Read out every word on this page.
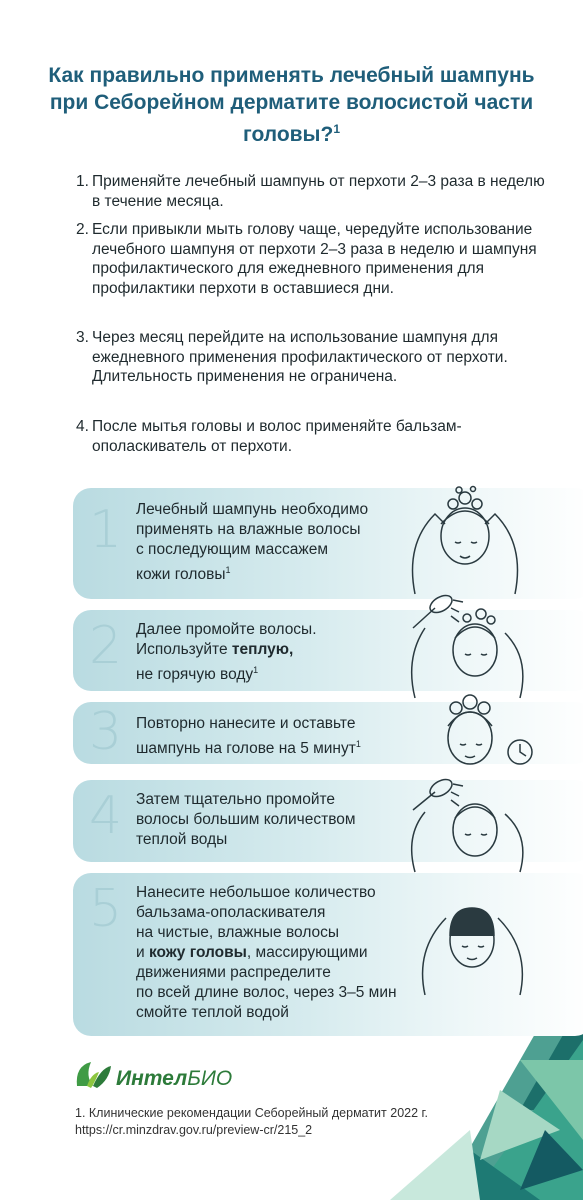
Как правильно применять лечебный шампунь при Себорейном дерматите волосистой части головы?$^1$
1. Применяйте лечебный шампунь от перхоти 2–3 раза в неделю в течение месяца.
2. Если привыкли мыть голову чаще, чередуйте использование лечебного шампуня от перхоти 2–3 раза в неделю и шампуня профилактического для ежедневного применения для профилактики перхоти в оставшиеся дни.
3. Через месяц перейдите на использование шампуня для ежедневного применения профилактического от перхоти. Длительность применения не ограничена.
4. После мытья головы и волос применяйте бальзам-ополаскиватель от перхоти.
1 Лечебный шампунь необходимо
применять на влажные волосы
с последующим массажем
кожи головы$^1$
2 Далее промойте волосы.
Используйте теплую,
не горячую воду$^1$
3 Повторно нанесите и оставьте
шампунь на голове на 5 минут$^1$
4 Затем тщательно промойте
волосы большим количеством
теплой воды
5 Нанесите небольшое количество
бальзама-ополаскивателя
на чистые, влажные волосы
и кожу головы, массирующими
движениями распределите
по всей длине волос, через 3–5 мин
смойте теплой водой
ИнтелБИО
1. Клинические рекомендации Себорейный дерматит 2022 г.
https://cr.minzdrav.gov.ru/preview-cr/215_2
